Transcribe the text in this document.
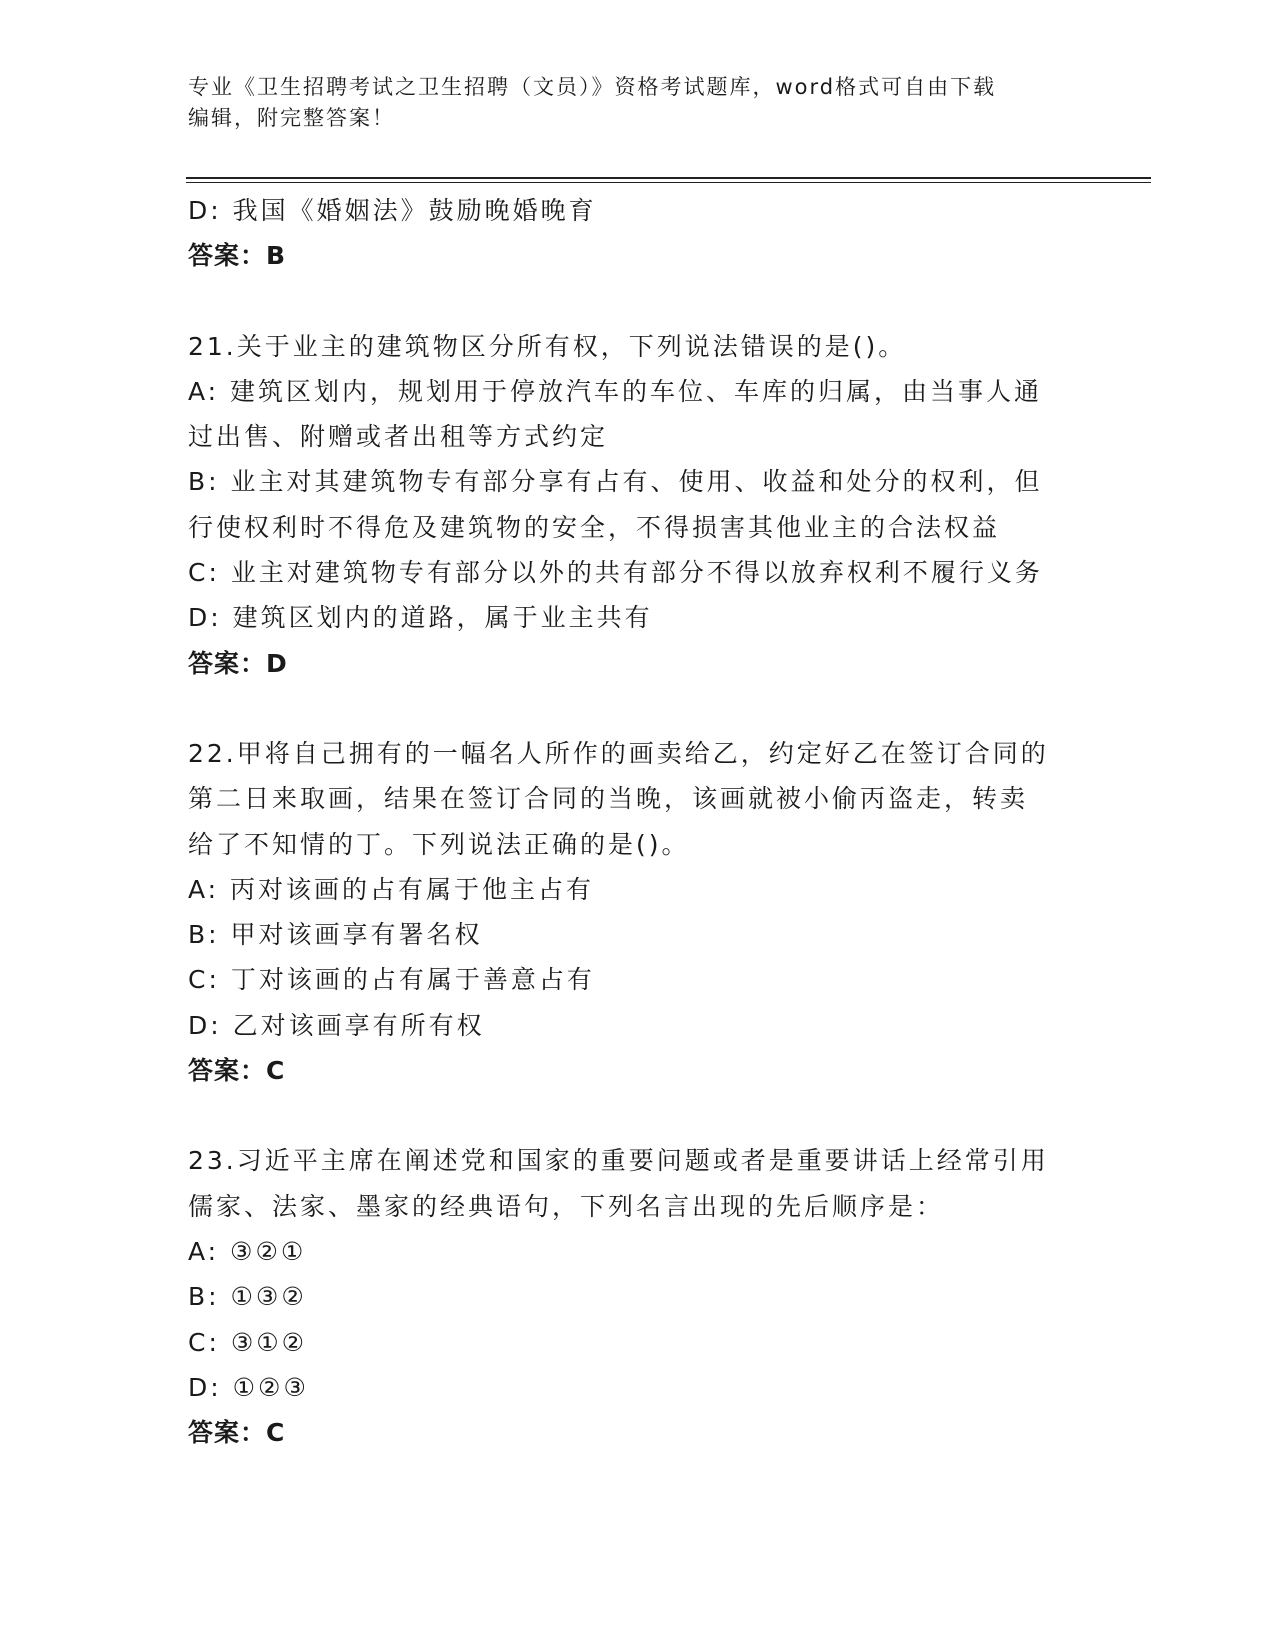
专业《卫生招聘考试之卫生招聘（文员）》资格考试题库，word格式可自由下载
编辑，附完整答案！
D: 我国《婚姻法》鼓励晚婚晚育
答案：B
21.关于业主的建筑物区分所有权，下列说法错误的是()。
A: 建筑区划内，规划用于停放汽车的车位、车库的归属，由当事人通
过出售、附赠或者出租等方式约定
B: 业主对其建筑物专有部分享有占有、使用、收益和处分的权利，但
行使权利时不得危及建筑物的安全，不得损害其他业主的合法权益
C: 业主对建筑物专有部分以外的共有部分不得以放弃权利不履行义务
D: 建筑区划内的道路，属于业主共有
答案：D
22.甲将自己拥有的一幅名人所作的画卖给乙，约定好乙在签订合同的
第二日来取画，结果在签订合同的当晚，该画就被小偷丙盗走，转卖
给了不知情的丁。下列说法正确的是()。
A: 丙对该画的占有属于他主占有
B: 甲对该画享有署名权
C: 丁对该画的占有属于善意占有
D: 乙对该画享有所有权
答案：C
23.习近平主席在阐述党和国家的重要问题或者是重要讲话上经常引用
儒家、法家、墨家的经典语句，下列名言出现的先后顺序是：
A: ③②①
B: ①③②
C: ③①②
D: ①②③
答案：C
